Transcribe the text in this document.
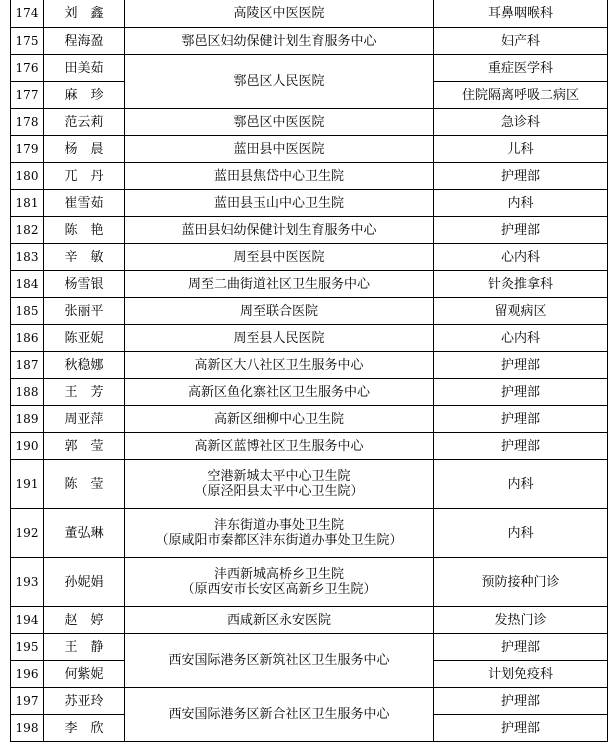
174	刘　鑫	高陵区中医医院	耳鼻咽喉科
175	程海盈	鄠邑区妇幼保健计划生育服务中心	妇产科
176	田美茹	鄠邑区人民医院	重症医学科
177	麻　珍		住院隔离呼吸二病区
178	范云莉	鄠邑区中医医院	急诊科
179	杨　晨	蓝田县中医医院	儿科
180	兀　丹	蓝田县焦岱中心卫生院	护理部
181	崔雪茹	蓝田县玉山中心卫生院	内科
182	陈　艳	蓝田县妇幼保健计划生育服务中心	护理部
183	辛　敏	周至县中医医院	心内科
184	杨雪银	周至二曲街道社区卫生服务中心	针灸推拿科
185	张丽平	周至联合医院	留观病区
186	陈亚妮	周至县人民医院	心内科
187	秋稳娜	高新区大八社区卫生服务中心	护理部
188	王　芳	高新区鱼化寨社区卫生服务中心	护理部
189	周亚萍	高新区细柳中心卫生院	护理部
190	郭　莹	高新区蓝博社区卫生服务中心	护理部
191	陈　莹	空港新城太平中心卫生院
（原泾阳县太平中心卫生院）	内科
192	董弘琳	沣东街道办事处卫生院
（原咸阳市秦都区沣东街道办事处卫生院）	内科
193	孙妮娟	沣西新城高桥乡卫生院
（原西安市长安区高新乡卫生院）	预防接种门诊
194	赵　婷	西咸新区永安医院	发热门诊
195	王　静	西安国际港务区新筑社区卫生服务中心	护理部
196	何紫妮		计划免疫科
197	苏亚玲	西安国际港务区新合社区卫生服务中心	护理部
198	李　欣		护理部
